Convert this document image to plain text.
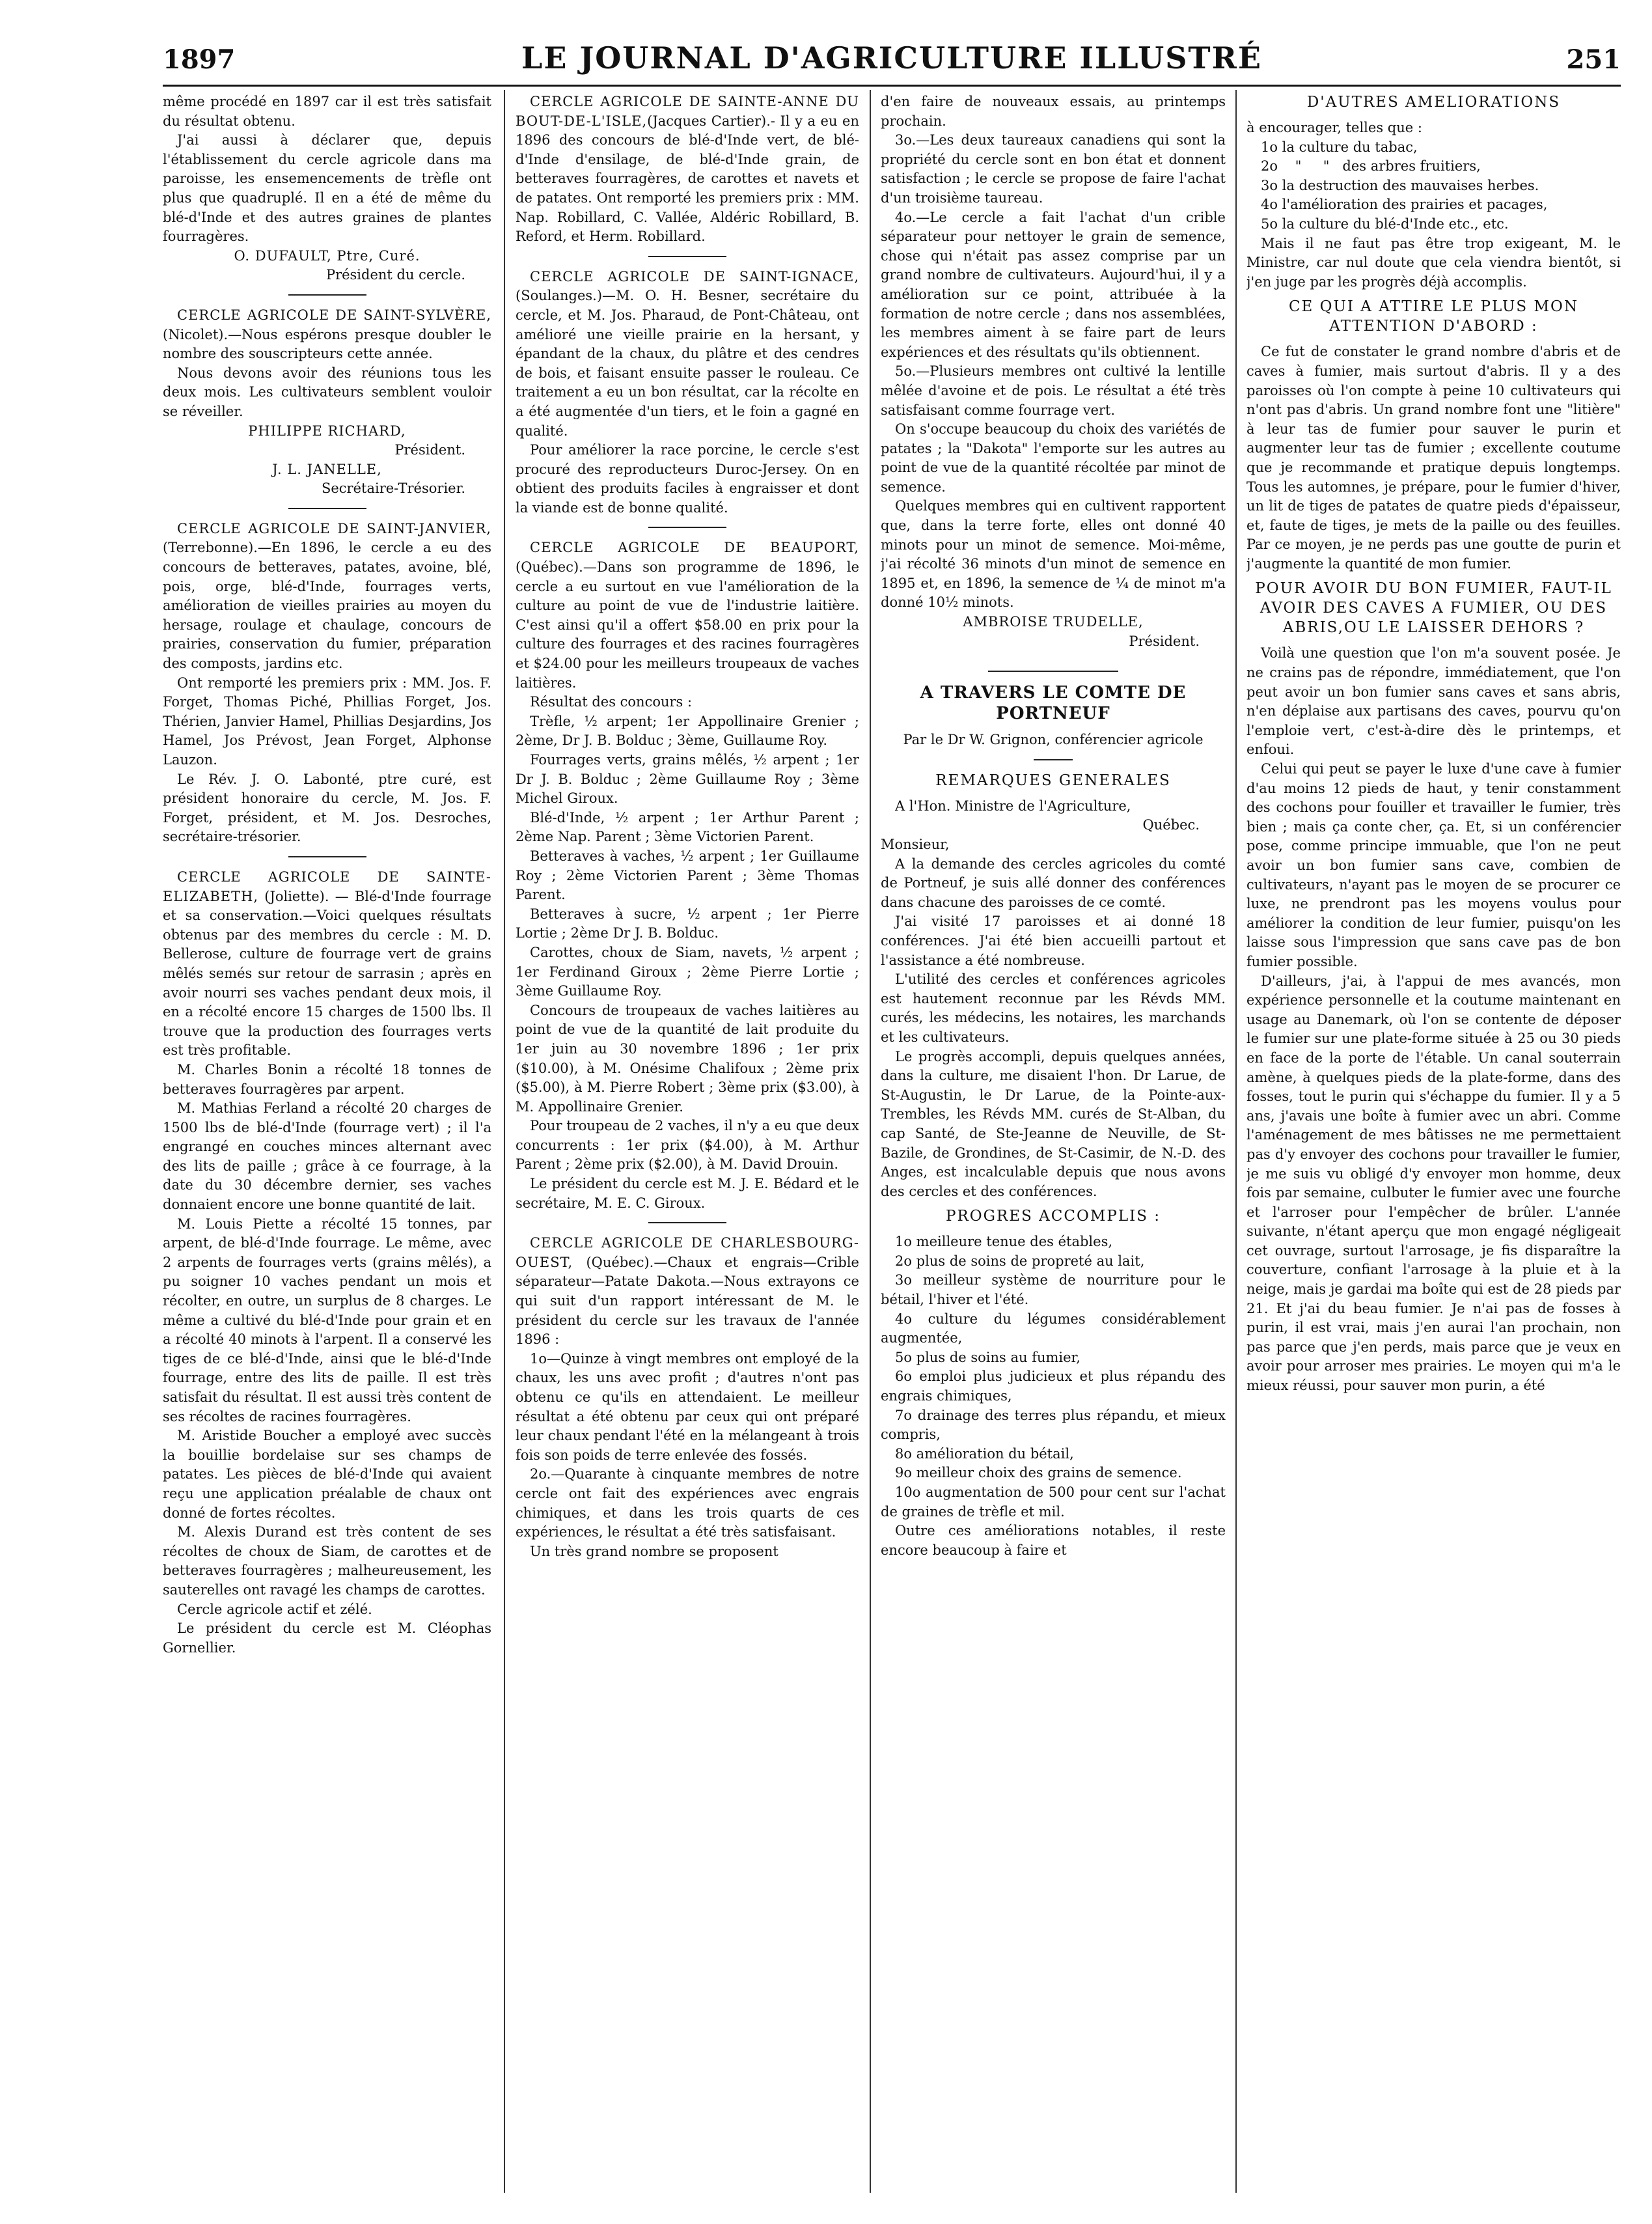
1897	LE JOURNAL D'AGRICULTURE ILLUSTRÉ	251

même procédé en 1897 car il est très satisfait du résultat obtenu.

J'ai aussi à déclarer que, depuis l'établissement du cercle agricole dans ma paroisse, les ensemencements de trèfle ont plus que quadruplé. Il en a été de même du blé-d'Inde et des autres graines de plantes fourragères.

O. DUFAULT, Ptre, Curé.

Président du cercle.

CERCLE AGRICOLE DE SAINT-SYLVÈRE, (Nicolet).—Nous espérons presque doubler le nombre des souscripteurs cette année.

Nous devons avoir des réunions tous les deux mois. Les cultivateurs semblent vouloir se réveiller.

PHILIPPE RICHARD,

Président.

J. L. JANELLE,

Secrétaire-Trésorier.

CERCLE AGRICOLE DE SAINT-JANVIER, (Terrebonne).—En 1896, le cercle a eu des concours de betteraves, patates, avoine, blé, pois, orge, blé-d'Inde, fourrages verts, amélioration de vieilles prairies au moyen du hersage, roulage et chaulage, concours de prairies, conservation du fumier, préparation des composts, jardins etc.

Ont remporté les premiers prix : MM. Jos. F. Forget, Thomas Piché, Phillias Forget, Jos. Thérien, Janvier Hamel, Phillias Desjardins, Jos Hamel, Jos Prévost, Jean Forget, Alphonse Lauzon.

Le Rév. J. O. Labonté, ptre curé, est président honoraire du cercle, M. Jos. F. Forget, président, et M. Jos. Desroches, secrétaire-trésorier.

CERCLE AGRICOLE DE SAINTE-ELIZABETH, (Joliette). — Blé-d'Inde fourrage et sa conservation.—Voici quelques résultats obtenus par des membres du cercle : M. D. Bellerose, culture de fourrage vert de grains mêlés semés sur retour de sarrasin ; après en avoir nourri ses vaches pendant deux mois, il en a récolté encore 15 charges de 1500 lbs. Il trouve que la production des fourrages verts est très profitable.

M. Charles Bonin a récolté 18 tonnes de betteraves fourragères par arpent.

M. Mathias Ferland a récolté 20 charges de 1500 lbs de blé-d'Inde (fourrage vert) ; il l'a engrangé en couches minces alternant avec des lits de paille ; grâce à ce fourrage, à la date du 30 décembre dernier, ses vaches donnaient encore une bonne quantité de lait.

M. Louis Piette a récolté 15 tonnes, par arpent, de blé-d'Inde fourrage. Le même, avec 2 arpents de fourrages verts (grains mêlés), a pu soigner 10 vaches pendant un mois et récolter, en outre, un surplus de 8 charges. Le même a cultivé du blé-d'Inde pour grain et en a récolté 40 minots à l'arpent. Il a conservé les tiges de ce blé-d'Inde, ainsi que le blé-d'Inde fourrage, entre des lits de paille. Il est très satisfait du résultat. Il est aussi très content de ses récoltes de racines fourragères.

M. Aristide Boucher a employé avec succès la bouillie bordelaise sur ses champs de patates. Les pièces de blé-d'Inde qui avaient reçu une application préalable de chaux ont donné de fortes récoltes.

M. Alexis Durand est très content de ses récoltes de choux de Siam, de carottes et de betteraves fourragères ; malheureusement, les sauterelles ont ravagé les champs de carottes.

Cercle agricole actif et zélé.

Le président du cercle est M. Cléophas Gornellier.

CERCLE AGRICOLE DE SAINTE-ANNE DU BOUT-DE-L'ISLE,(Jacques Cartier).- Il y a eu en 1896 des concours de blé-d'Inde vert, de blé-d'Inde d'ensilage, de blé-d'Inde grain, de betteraves fourragères, de carottes et navets et de patates. Ont remporté les premiers prix : MM. Nap. Robillard, C. Vallée, Aldéric Robillard, B. Reford, et Herm. Robillard.

CERCLE AGRICOLE DE SAINT-IGNACE, (Soulanges.)—M. O. H. Besner, secrétaire du cercle, et M. Jos. Pharaud, de Pont-Château, ont amélioré une vieille prairie en la hersant, y épandant de la chaux, du plâtre et des cendres de bois, et faisant ensuite passer le rouleau. Ce traitement a eu un bon résultat, car la récolte en a été augmentée d'un tiers, et le foin a gagné en qualité.

Pour améliorer la race porcine, le cercle s'est procuré des reproducteurs Duroc-Jersey. On en obtient des produits faciles à engraisser et dont la viande est de bonne qualité.

CERCLE AGRICOLE DE BEAUPORT, (Québec).—Dans son programme de 1896, le cercle a eu surtout en vue l'amélioration de la culture au point de vue de l'industrie laitière. C'est ainsi qu'il a offert $58.00 en prix pour la culture des fourrages et des racines fourragères et $24.00 pour les meilleurs troupeaux de vaches laitières.

Résultat des concours :

Trèfle, ½ arpent; 1er Appollinaire Grenier ; 2ème, Dr J. B. Bolduc ; 3ème, Guillaume Roy.

Fourrages verts, grains mêlés, ½ arpent ; 1er Dr J. B. Bolduc ; 2ème Guillaume Roy ; 3ème Michel Giroux.

Blé-d'Inde, ½ arpent ; 1er Arthur Parent ; 2ème Nap. Parent ; 3ème Victorien Parent.

Betteraves à vaches, ½ arpent ; 1er Guillaume Roy ; 2ème Victorien Parent ; 3ème Thomas Parent.

Betteraves à sucre, ½ arpent ; 1er Pierre Lortie ; 2ème Dr J. B. Bolduc.

Carottes, choux de Siam, navets, ½ arpent ; 1er Ferdinand Giroux ; 2ème Pierre Lortie ; 3ème Guillaume Roy.

Concours de troupeaux de vaches laitières au point de vue de la quantité de lait produite du 1er juin au 30 novembre 1896 ; 1er prix ($10.00), à M. Onésime Chalifoux ; 2ème prix ($5.00), à M. Pierre Robert ; 3ème prix ($3.00), à M. Appollinaire Grenier.

Pour troupeau de 2 vaches, il n'y a eu que deux concurrents : 1er prix ($4.00), à M. Arthur Parent ; 2ème prix ($2.00), à M. David Drouin.

Le président du cercle est M. J. E. Bédard et le secrétaire, M. E. C. Giroux.

CERCLE AGRICOLE DE CHARLESBOURG-OUEST, (Québec).—Chaux et engrais—Crible séparateur—Patate Dakota.—Nous extrayons ce qui suit d'un rapport intéressant de M. le président du cercle sur les travaux de l'année 1896 :

1o—Quinze à vingt membres ont employé de la chaux, les uns avec profit ; d'autres n'ont pas obtenu ce qu'ils en attendaient. Le meilleur résultat a été obtenu par ceux qui ont préparé leur chaux pendant l'été en la mélangeant à trois fois son poids de terre enlevée des fossés.

2o.—Quarante à cinquante membres de notre cercle ont fait des expériences avec engrais chimiques, et dans les trois quarts de ces expériences, le résultat a été très satisfaisant.

Un très grand nombre se proposent

d'en faire de nouveaux essais, au printemps prochain.

3o.—Les deux taureaux canadiens qui sont la propriété du cercle sont en bon état et donnent satisfaction ; le cercle se propose de faire l'achat d'un troisième taureau.

4o.—Le cercle a fait l'achat d'un crible séparateur pour nettoyer le grain de semence, chose qui n'était pas assez comprise par un grand nombre de cultivateurs. Aujourd'hui, il y a amélioration sur ce point, attribuée à la formation de notre cercle ; dans nos assemblées, les membres aiment à se faire part de leurs expériences et des résultats qu'ils obtiennent.

5o.—Plusieurs membres ont cultivé la lentille mêlée d'avoine et de pois. Le résultat a été très satisfaisant comme fourrage vert.

On s'occupe beaucoup du choix des variétés de patates ; la "Dakota" l'emporte sur les autres au point de vue de la quantité récoltée par minot de semence.

Quelques membres qui en cultivent rapportent que, dans la terre forte, elles ont donné 40 minots pour un minot de semence. Moi-même, j'ai récolté 36 minots d'un minot de semence en 1895 et, en 1896, la semence de ¼ de minot m'a donné 10½ minots.

AMBROISE TRUDELLE,

Président.

A TRAVERS LE COMTE DE PORTNEUF

Par le Dr W. Grignon, conférencier agricole

REMARQUES GENERALES

A l'Hon. Ministre de l'Agriculture,

Québec.

Monsieur,

A la demande des cercles agricoles du comté de Portneuf, je suis allé donner des conférences dans chacune des paroisses de ce comté.

J'ai visité 17 paroisses et ai donné 18 conférences. J'ai été bien accueilli partout et l'assistance a été nombreuse.

L'utilité des cercles et conférences agricoles est hautement reconnue par les Révds MM. curés, les médecins, les notaires, les marchands et les cultivateurs.

Le progrès accompli, depuis quelques années, dans la culture, me disaient l'hon. Dr Larue, de St-Augustin, le Dr Larue, de la Pointe-aux-Trembles, les Révds MM. curés de St-Alban, du cap Santé, de Ste-Jeanne de Neuville, de St-Bazile, de Grondines, de St-Casimir, de N.-D. des Anges, est incalculable depuis que nous avons des cercles et des conférences.

PROGRES ACCOMPLIS :

1o meilleure tenue des étables,

2o plus de soins de propreté au lait,

3o meilleur système de nourriture pour le bétail, l'hiver et l'été.

4o culture du légumes considérablement augmentée,

5o plus de soins au fumier,

6o emploi plus judicieux et plus répandu des engrais chimiques,

7o drainage des terres plus répandu, et mieux compris,

8o amélioration du bétail,

9o meilleur choix des grains de semence.

10o augmentation de 500 pour cent sur l'achat de graines de trèfle et mil.

Outre ces améliorations notables, il reste encore beaucoup à faire et

D'AUTRES AMELIORATIONS

à encourager, telles que :

1o la culture du tabac,

2o    "     "   des arbres fruitiers,

3o la destruction des mauvaises herbes.

4o l'amélioration des prairies et pacages,

5o la culture du blé-d'Inde etc., etc.

Mais il ne faut pas être trop exigeant, M. le Ministre, car nul doute que cela viendra bientôt, si j'en juge par les progrès déjà accomplis.

CE QUI A ATTIRE LE PLUS MON ATTENTION D'ABORD :

Ce fut de constater le grand nombre d'abris et de caves à fumier, mais surtout d'abris. Il y a des paroisses où l'on compte à peine 10 cultivateurs qui n'ont pas d'abris. Un grand nombre font une "litière" à leur tas de fumier pour sauver le purin et augmenter leur tas de fumier ; excellente coutume que je recommande et pratique depuis longtemps. Tous les automnes, je prépare, pour le fumier d'hiver, un lit de tiges de patates de quatre pieds d'épaisseur, et, faute de tiges, je mets de la paille ou des feuilles. Par ce moyen, je ne perds pas une goutte de purin et j'augmente la quantité de mon fumier.

POUR AVOIR DU BON FUMIER, FAUT-IL AVOIR DES CAVES A FUMIER, OU DES ABRIS,OU LE LAISSER DEHORS ?

Voilà une question que l'on m'a souvent posée. Je ne crains pas de répondre, immédiatement, que l'on peut avoir un bon fumier sans caves et sans abris, n'en déplaise aux partisans des caves, pourvu qu'on l'emploie vert, c'est-à-dire dès le printemps, et enfoui.

Celui qui peut se payer le luxe d'une cave à fumier d'au moins 12 pieds de haut, y tenir constamment des cochons pour fouiller et travailler le fumier, très bien ; mais ça conte cher, ça. Et, si un conférencier pose, comme principe immuable, que l'on ne peut avoir un bon fumier sans cave, combien de cultivateurs, n'ayant pas le moyen de se procurer ce luxe, ne prendront pas les moyens voulus pour améliorer la condition de leur fumier, puisqu'on les laisse sous l'impression que sans cave pas de bon fumier possible.

D'ailleurs, j'ai, à l'appui de mes avancés, mon expérience personnelle et la coutume maintenant en usage au Danemark, où l'on se contente de déposer le fumier sur une plate-forme située à 25 ou 30 pieds en face de la porte de l'étable. Un canal souterrain amène, à quelques pieds de la plate-forme, dans des fosses, tout le purin qui s'échappe du fumier. Il y a 5 ans, j'avais une boîte à fumier avec un abri. Comme l'aménagement de mes bâtisses ne me permettaient pas d'y envoyer des cochons pour travailler le fumier, je me suis vu obligé d'y envoyer mon homme, deux fois par semaine, culbuter le fumier avec une fourche et l'arroser pour l'empêcher de brûler. L'année suivante, n'étant aperçu que mon engagé négligeait cet ouvrage, surtout l'arrosage, je fis disparaître la couverture, confiant l'arrosage à la pluie et à la neige, mais je gardai ma boîte qui est de 28 pieds par 21. Et j'ai du beau fumier. Je n'ai pas de fosses à purin, il est vrai, mais j'en aurai l'an prochain, non pas parce que j'en perds, mais parce que je veux en avoir pour arroser mes prairies. Le moyen qui m'a le mieux réussi, pour sauver mon purin, a été
